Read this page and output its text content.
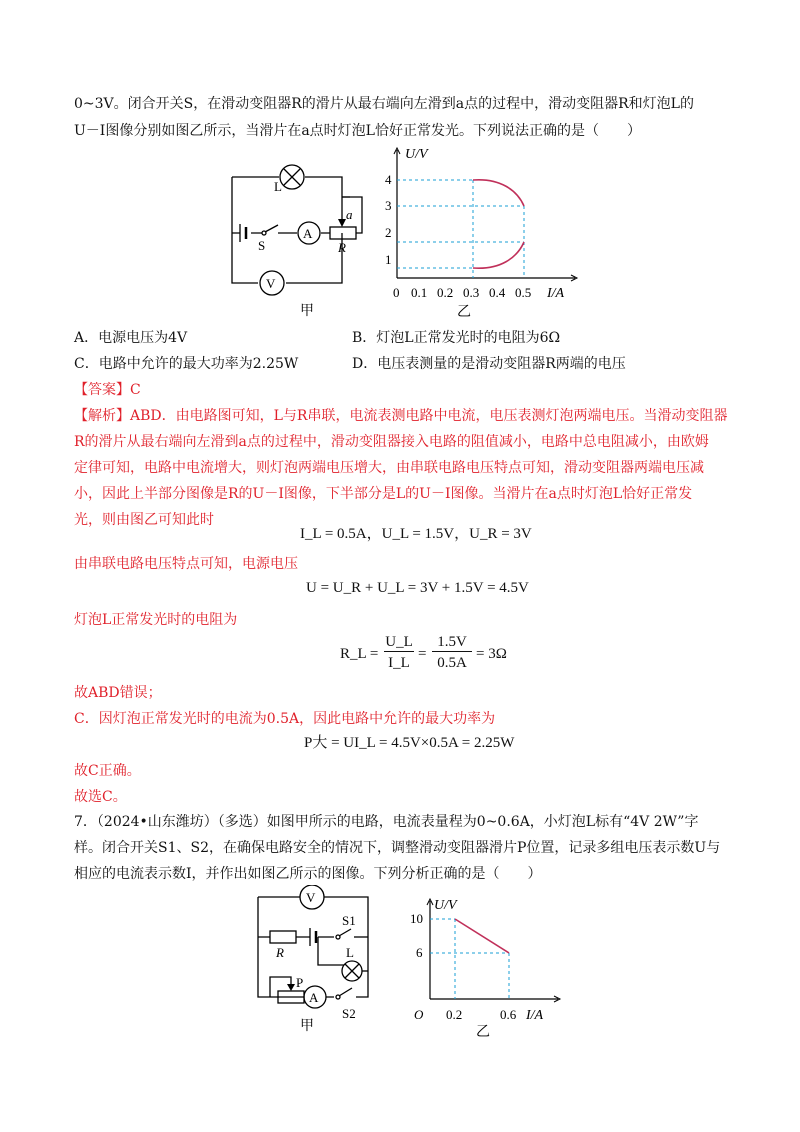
0~3V。闭合开关S，在滑动变阻器R的滑片从最右端向左滑到a点的过程中，滑动变阻器R和灯泡L的
U－I图像分别如图乙所示，当滑片在a点时灯泡L恰好正常发光。下列说法正确的是（　　）
L
S
A
V
R
a
甲
U/V
4
3
2
1
0 0.1 0.2 0.3 0.4 0.5 I/A
乙
A．电源电压为4V	B．灯泡L正常发光时的电阻为6Ω
C．电路中允许的最大功率为2.25W	D．电压表测量的是滑动变阻器R两端的电压
【答案】C
【解析】ABD．由电路图可知，L与R串联，电流表测电路中电流，电压表测灯泡两端电压。当滑动变阻器
R的滑片从最右端向左滑到a点的过程中，滑动变阻器接入电路的阻值减小，电路中总电阻减小，由欧姆
定律可知，电路中电流增大，则灯泡两端电压增大，由串联电路电压特点可知，滑动变阻器两端电压减
小，因此上半部分图像是R的U－I图像，下半部分是L的U－I图像。当滑片在a点时灯泡L恰好正常发
光，则由图乙可知此时
I_L = 0.5A，U_L = 1.5V，U_R = 3V
由串联电路电压特点可知，电源电压
U = U_R + U_L = 3V + 1.5V = 4.5V
灯泡L正常发光时的电阻为
R_L =
U_L
I_L
=
1.5V
0.5A
= 3Ω
故ABD错误；
C．因灯泡正常发光时的电流为0.5A，因此电路中允许的最大功率为
P大 = UI_L = 4.5V×0.5A = 2.25W
故C正确。
故选C。
7．（2024•山东潍坊）（多选）如图甲所示的电路，电流表量程为0~0.6A，小灯泡L标有“4V 2W”字
样。闭合开关S1、S2，在确保电路安全的情况下，调整滑动变阻器滑片P位置，记录多组电压表示数U与
相应的电流表示数I，并作出如图乙所示的图像。下列分析正确的是（　　）
V
R
S1
L
P
A
S2
甲
U/V
10
6
O 0.2	0.6 I/A
乙
